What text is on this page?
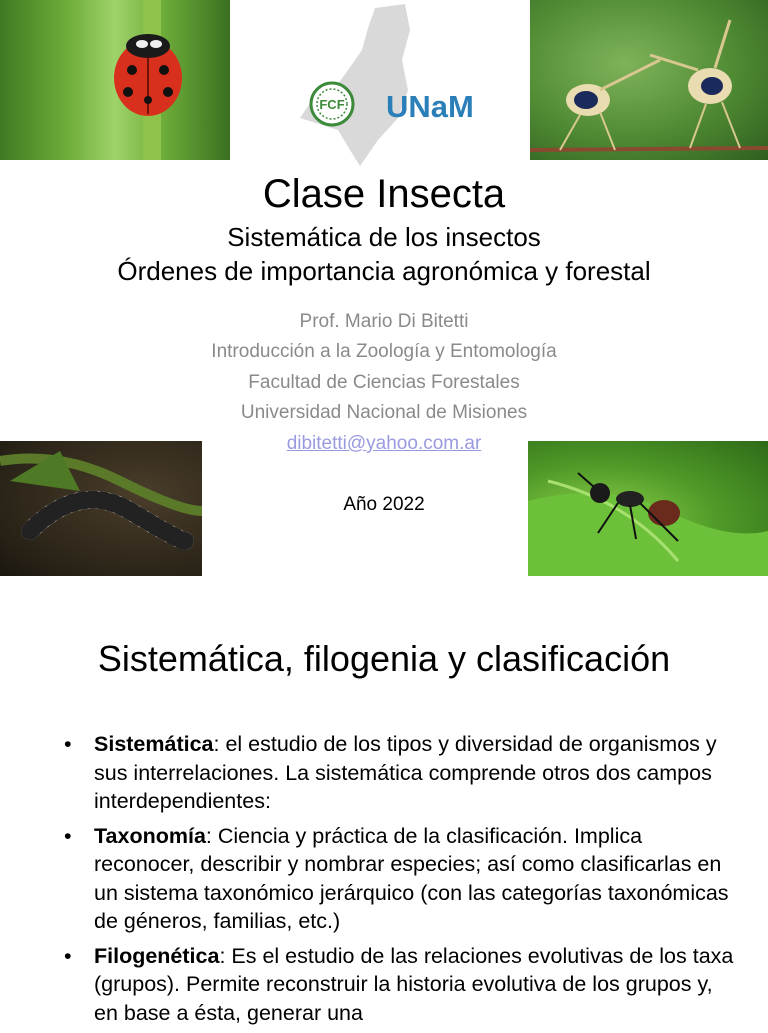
FCF UNaM
Clase Insecta
Sistemática de los insectos
Órdenes de importancia agronómica y forestal
Prof. Mario Di Bitetti
Introducción a la Zoología y Entomología
Facultad de Ciencias Forestales
Universidad Nacional de Misiones
dibitetti@yahoo.com.ar
Año 2022
Sistemática, filogenia y clasificación
• Sistemática: el estudio de los tipos y diversidad de organismos y sus interrelaciones. La sistemática comprende otros dos campos interdependientes:
• Taxonomía: Ciencia y práctica de la clasificación. Implica reconocer, describir y nombrar especies; así como clasificarlas en un sistema taxonómico jerárquico (con las categorías taxonómicas de géneros, familias, etc.)
• Filogenética: Es el estudio de las relaciones evolutivas de los taxa (grupos). Permite reconstruir la historia evolutiva de los grupos y, en base a ésta, generar una
